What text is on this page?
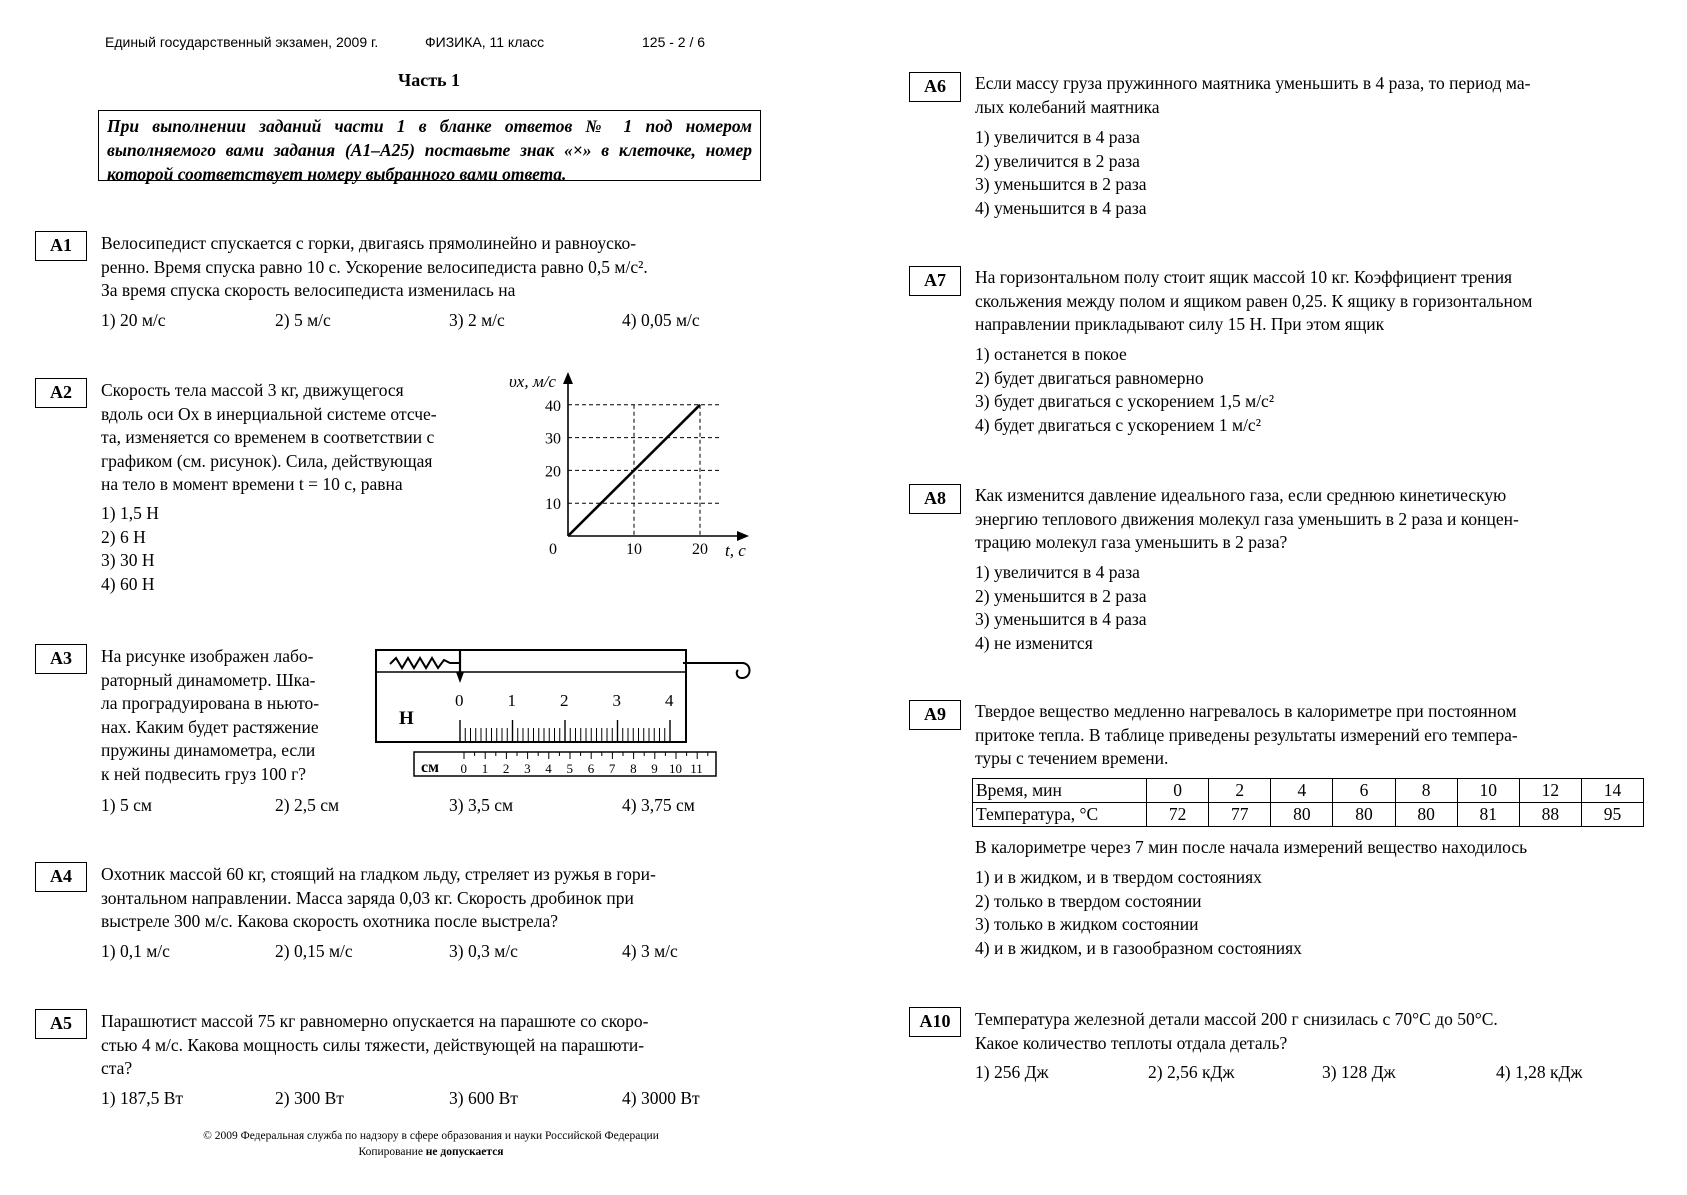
Единый государственный экзамен, 2009 г.	ФИЗИКА, 11 класс	125 - 2 / 6
Часть 1
При выполнении заданий части 1 в бланке ответов № 1 под номером выполняемого вами задания (А1–А25) поставьте знак «×» в клеточке, номер которой соответствует номеру выбранного вами ответа.
А1	Велосипедист спускается с горки, двигаясь прямолинейно и равноуско-
ренно. Время спуска равно 10 с. Ускорение велосипедиста равно 0,5 м/с².
За время спуска скорость велосипедиста изменилась на
1) 20 м/с	2) 5 м/с	3) 2 м/с	4) 0,05 м/с
А2	Скорость тела массой 3 кг, движущегося
вдоль оси Ox в инерциальной системе отсче-
та, изменяется со временем в соответствии с
графиком (см. рисунок). Сила, действующая
на тело в момент времени t = 10 с, равна
1) 1,5 Н
2) 6 Н
3) 30 Н
4) 60 Н
10
20
30
40
10	20
υx, м/с
t, с
0
А3	На рисунке изображен лабо-
раторный динамометр. Шка-
ла проградуирована в ньюто-
нах. Каким будет растяжение
пружины динамометра, если
к ней подвесить груз 100 г?
Н
0	1	2	3	4
см 0 1 2 3 4 5 6 7 8 9 10 11
1) 5 см	2) 2,5 см	3) 3,5 см	4) 3,75 см
А4	Охотник массой 60 кг, стоящий на гладком льду, стреляет из ружья в гори-
зонтальном направлении. Масса заряда 0,03 кг. Скорость дробинок при
выстреле 300 м/с. Какова скорость охотника после выстрела?
1) 0,1 м/с	2) 0,15 м/с	3) 0,3 м/с	4) 3 м/с
А5	Парашютист массой 75 кг равномерно опускается на парашюте со скоро-
стью 4 м/с. Какова мощность силы тяжести, действующей на парашюти-
ста?
1) 187,5 Вт	2) 300 Вт	3) 600 Вт	4) 3000 Вт
© 2009 Федеральная служба по надзору в сфере образования и науки Российской Федерации
Копирование не допускается
А6	Если массу груза пружинного маятника уменьшить в 4 раза, то период ма-
лых колебаний маятника
1) увеличится в 4 раза
2) увеличится в 2 раза
3) уменьшится в 2 раза
4) уменьшится в 4 раза
А7	На горизонтальном полу стоит ящик массой 10 кг. Коэффициент трения
скольжения между полом и ящиком равен 0,25. К ящику в горизонтальном
направлении прикладывают силу 15 Н. При этом ящик
1) останется в покое
2) будет двигаться равномерно
3) будет двигаться с ускорением 1,5 м/с²
4) будет двигаться с ускорением 1 м/с²
А8	Как изменится давление идеального газа, если среднюю кинетическую
энергию теплового движения молекул газа уменьшить в 2 раза и концен-
трацию молекул газа уменьшить в 2 раза?
1) увеличится в 4 раза
2) уменьшится в 2 раза
3) уменьшится в 4 раза
4) не изменится
А9	Твердое вещество медленно нагревалось в калориметре при постоянном
притоке тепла. В таблице приведены результаты измерений его темпера-
туры с течением времени.
Время, мин	0	2	4	6	8	10	12	14
Температура, °С	72	77	80	80	80	81	88	95
В калориметре через 7 мин после начала измерений вещество находилось
1) и в жидком, и в твердом состояниях
2) только в твердом состоянии
3) только в жидком состоянии
4) и в жидком, и в газообразном состояниях
А10	Температура железной детали массой 200 г снизилась с 70°С до 50°С.
Какое количество теплоты отдала деталь?
1) 256 Дж	2) 2,56 кДж	3) 128 Дж	4) 1,28 кДж
